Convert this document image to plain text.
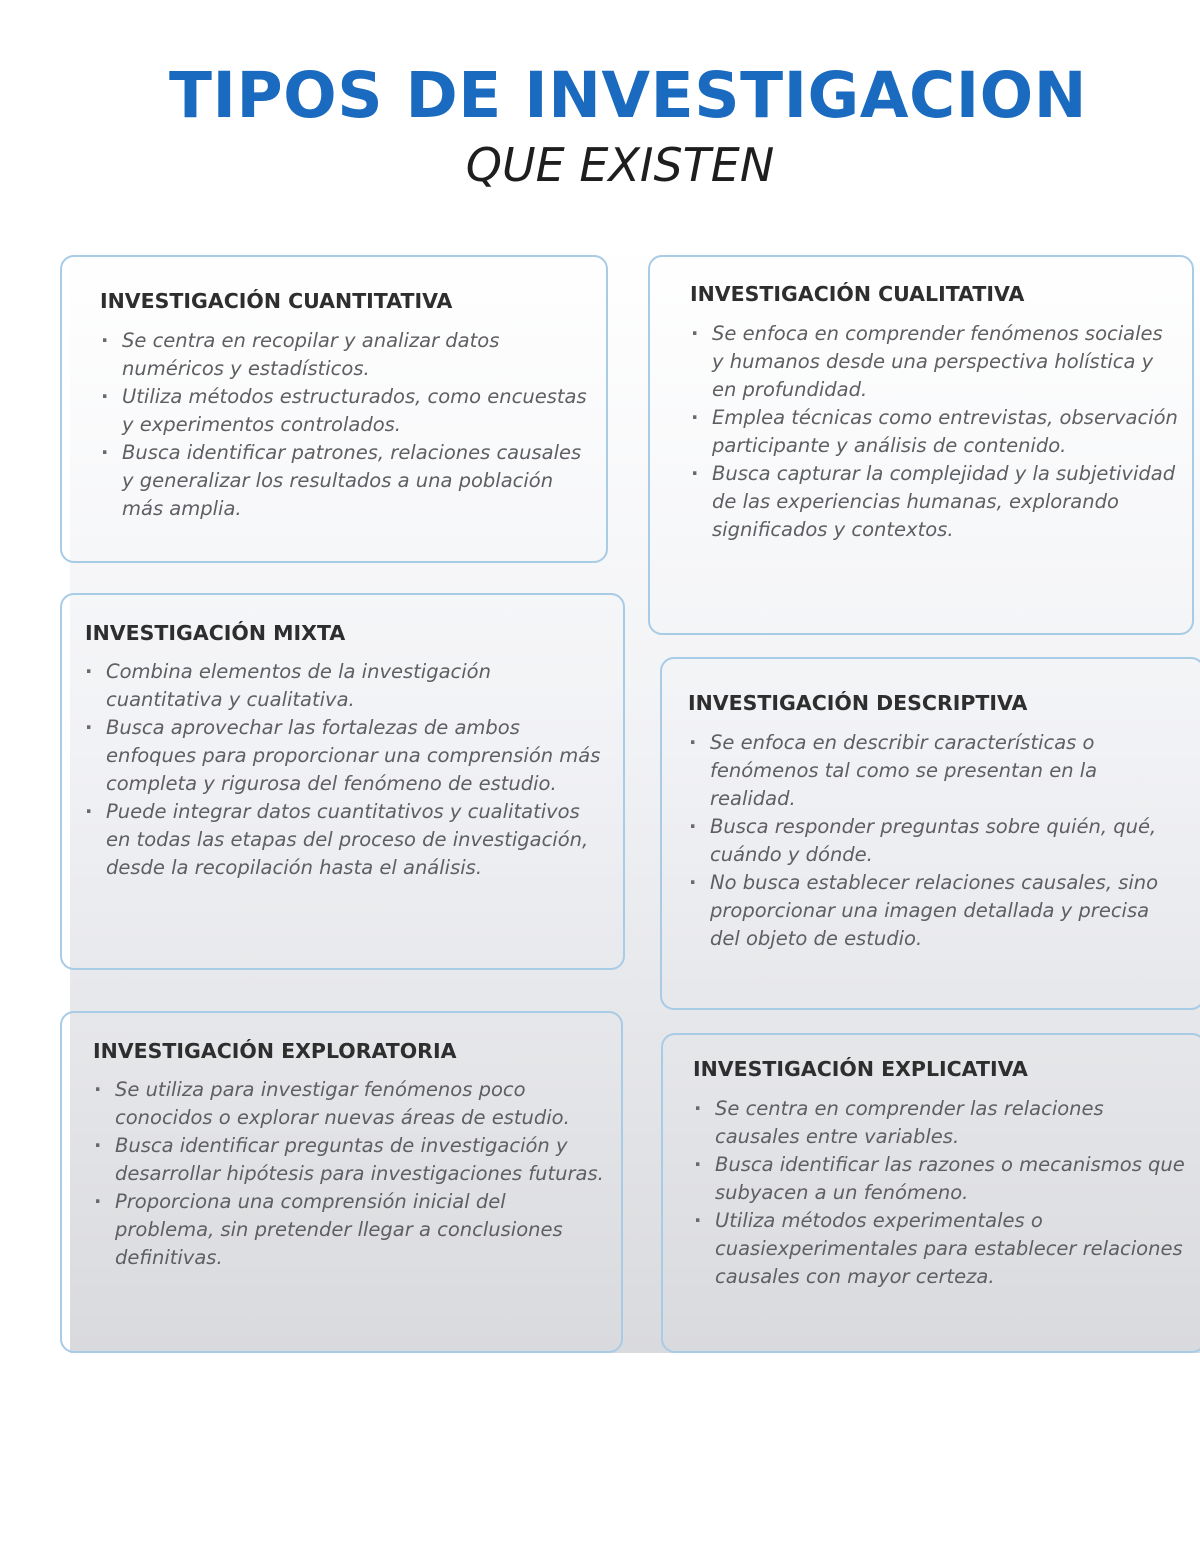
TIPOS DE INVESTIGACION
QUE EXISTEN
INVESTIGACIÓN CUANTITATIVA
· Se centra en recopilar y analizar datos numéricos y estadísticos.
· Utiliza métodos estructurados, como encuestas y experimentos controlados.
· Busca identificar patrones, relaciones causales y generalizar los resultados a una población más amplia.
INVESTIGACIÓN CUALITATIVA
· Se enfoca en comprender fenómenos sociales y humanos desde una perspectiva holística y en profundidad.
· Emplea técnicas como entrevistas, observación participante y análisis de contenido.
· Busca capturar la complejidad y la subjetividad de las experiencias humanas, explorando significados y contextos.
INVESTIGACIÓN MIXTA
· Combina elementos de la investigación cuantitativa y cualitativa.
· Busca aprovechar las fortalezas de ambos enfoques para proporcionar una comprensión más completa y rigurosa del fenómeno de estudio.
· Puede integrar datos cuantitativos y cualitativos en todas las etapas del proceso de investigación, desde la recopilación hasta el análisis.
INVESTIGACIÓN DESCRIPTIVA
· Se enfoca en describir características o fenómenos tal como se presentan en la realidad.
· Busca responder preguntas sobre quién, qué, cuándo y dónde.
· No busca establecer relaciones causales, sino proporcionar una imagen detallada y precisa del objeto de estudio.
INVESTIGACIÓN EXPLORATORIA
· Se utiliza para investigar fenómenos poco conocidos o explorar nuevas áreas de estudio.
· Busca identificar preguntas de investigación y desarrollar hipótesis para investigaciones futuras.
· Proporciona una comprensión inicial del problema, sin pretender llegar a conclusiones definitivas.
INVESTIGACIÓN EXPLICATIVA
· Se centra en comprender las relaciones causales entre variables.
· Busca identificar las razones o mecanismos que subyacen a un fenómeno.
· Utiliza métodos experimentales o cuasiexperimentales para establecer relaciones causales con mayor certeza.
